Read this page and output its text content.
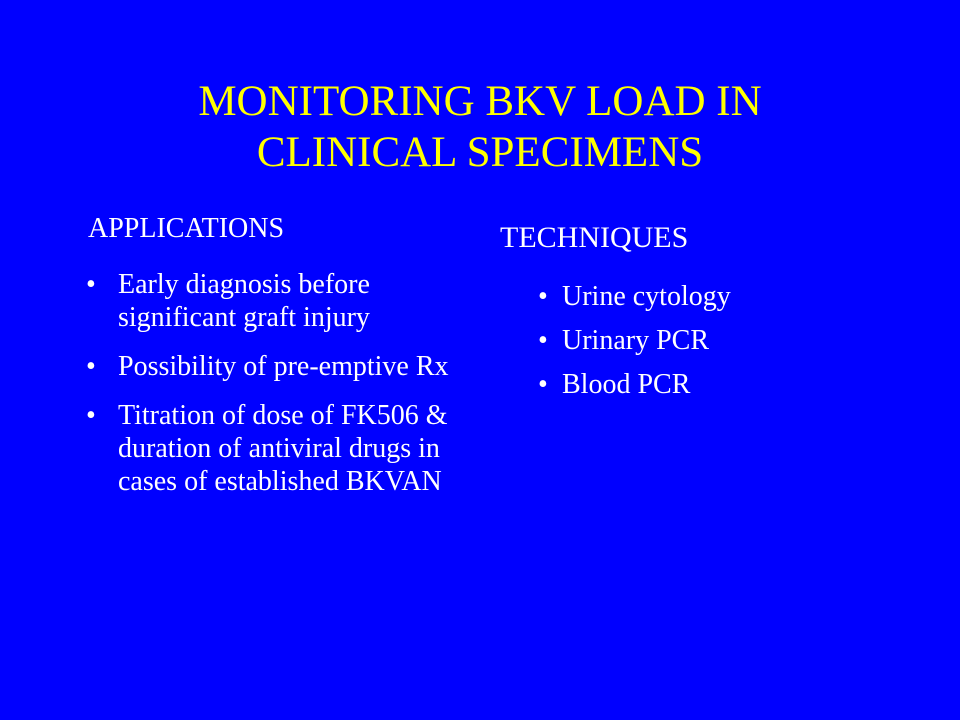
MONITORING BKV LOAD IN
CLINICAL SPECIMENS
APPLICATIONS
• Early diagnosis before significant graft injury
• Possibility of pre-emptive Rx
• Titration of dose of FK506 & duration of antiviral drugs in cases of established BKVAN
TECHNIQUES
• Urine cytology
• Urinary PCR
• Blood PCR
